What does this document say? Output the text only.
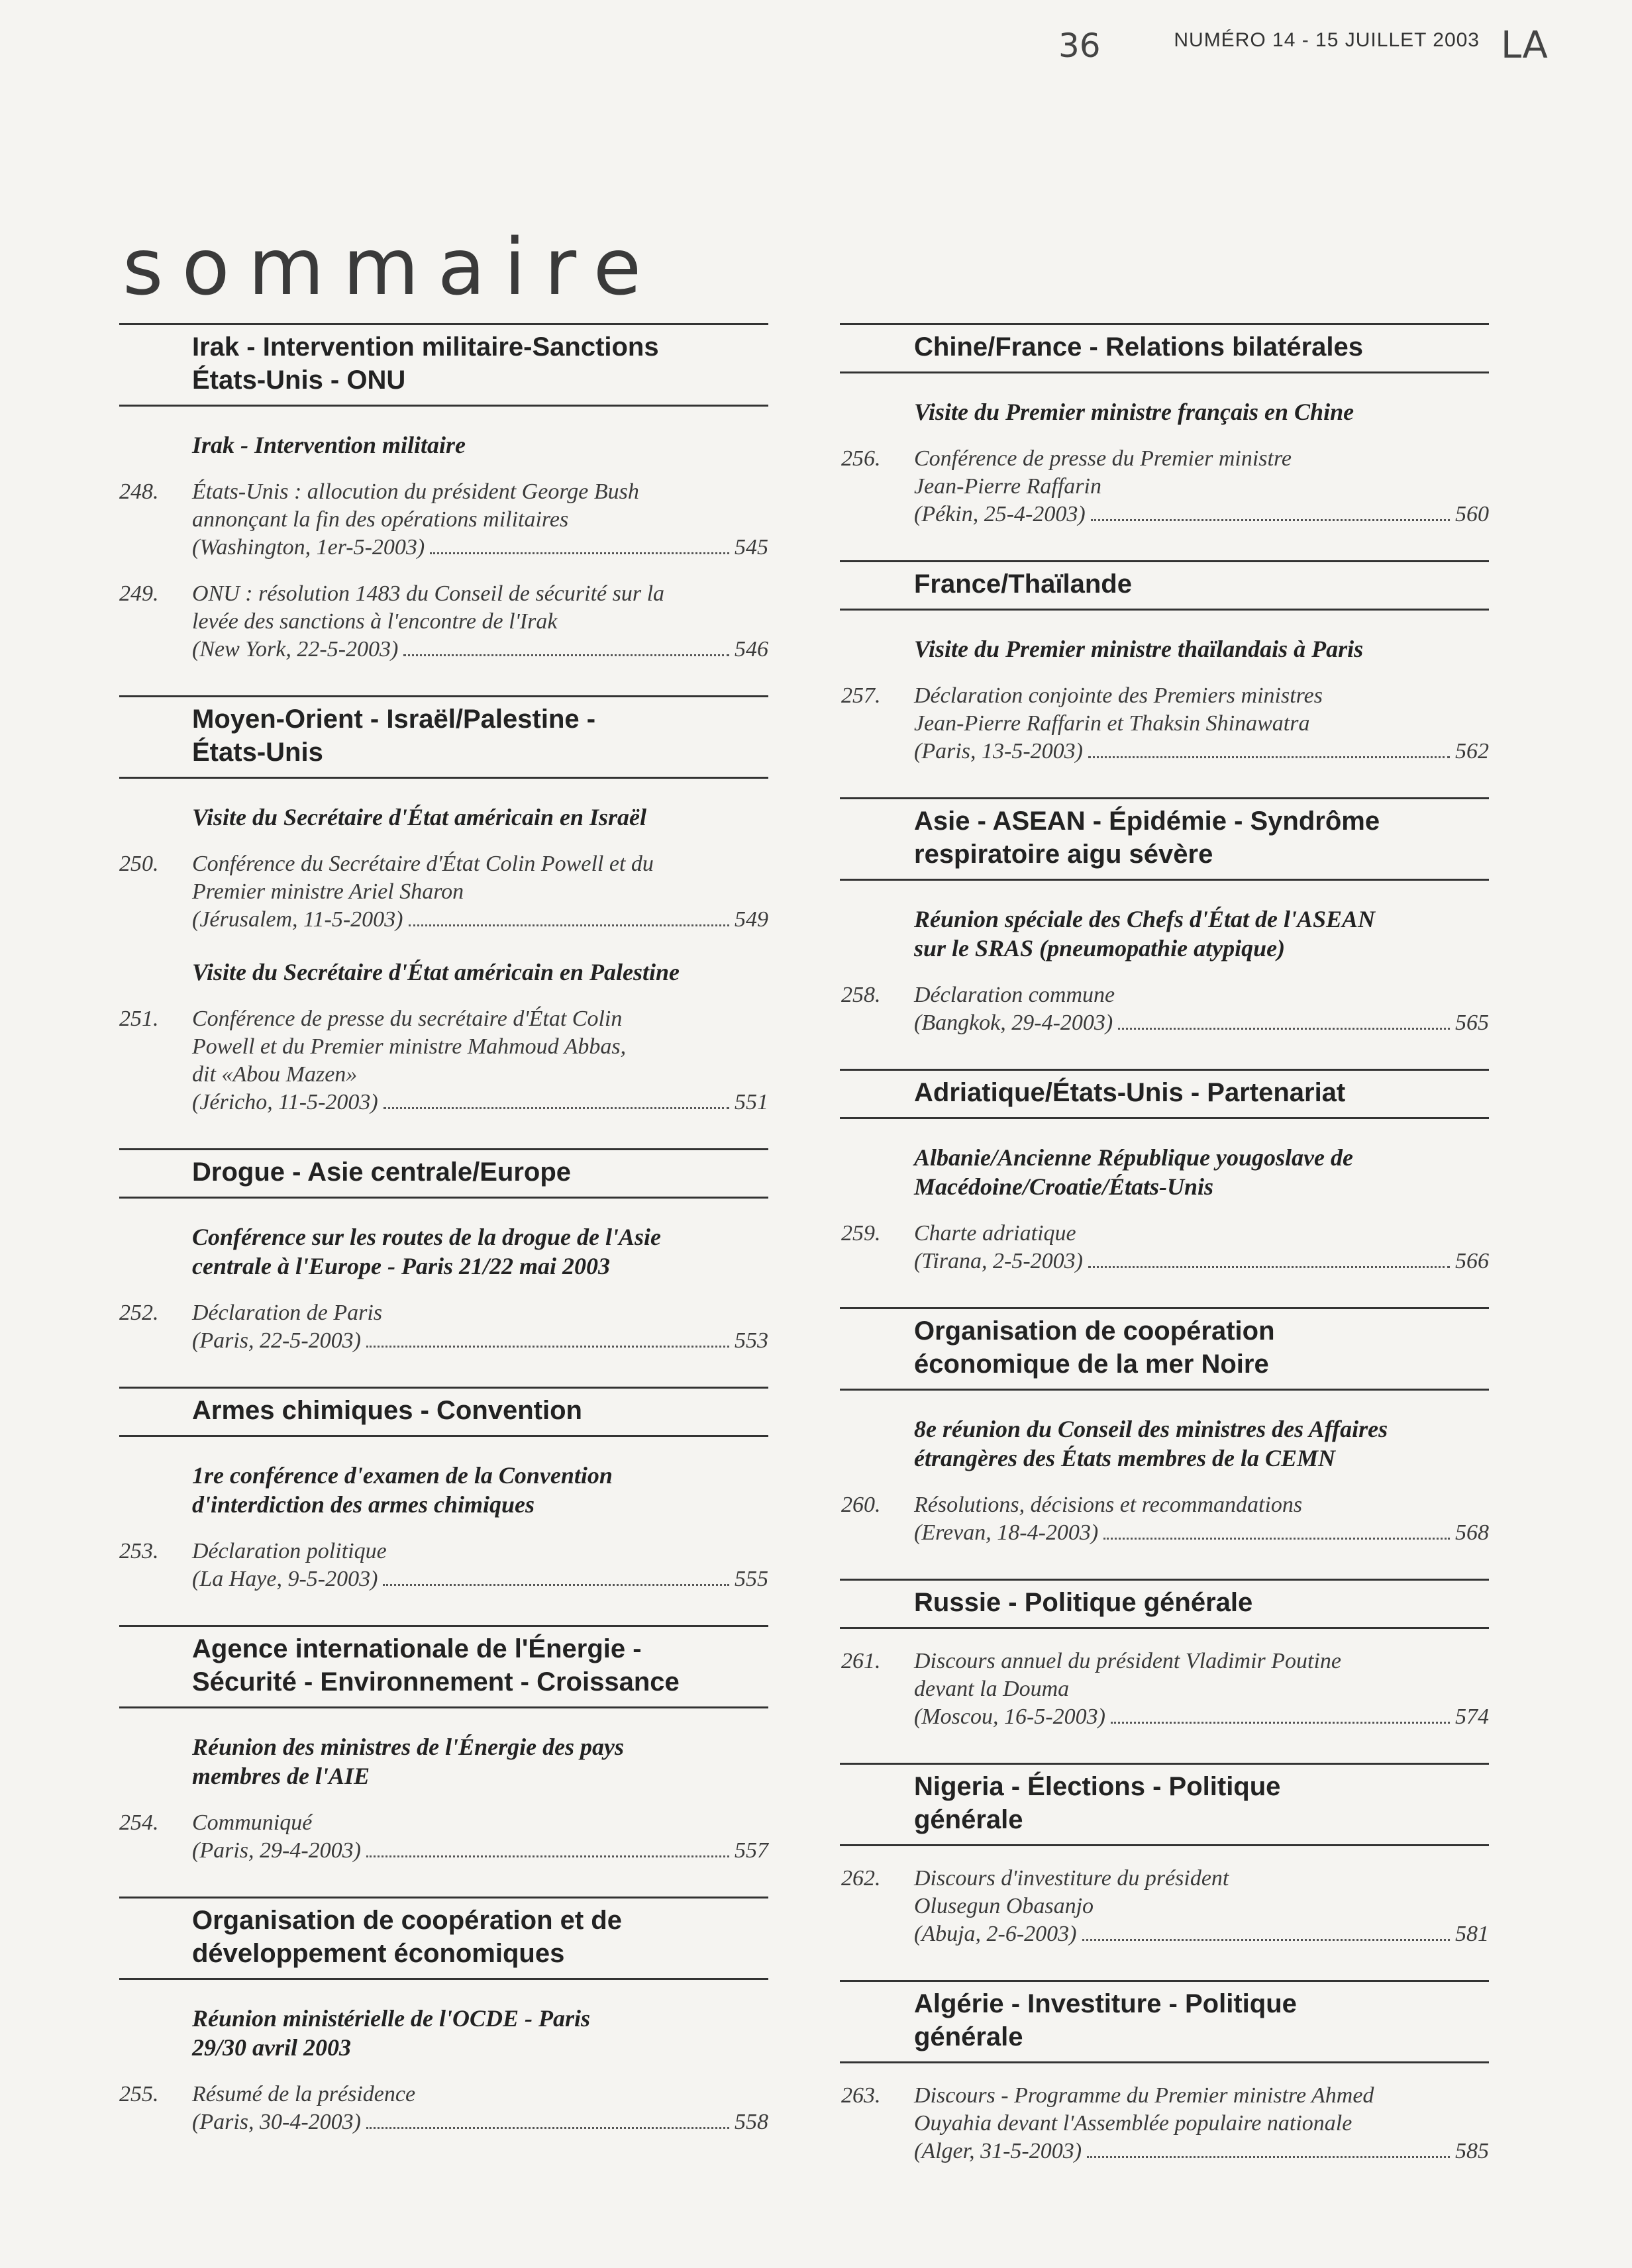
36	NUMÉRO 14 - 15 JUILLET 2003 LA
sommaire
Irak - Intervention militaire-Sanctions
États-Unis - ONU
Irak - Intervention militaire
248.	États-Unis : allocution du président George Bush
annonçant la fin des opérations militaires
(Washington, 1er-5-2003)	545
249.	ONU : résolution 1483 du Conseil de sécurité sur la
levée des sanctions à l'encontre de l'Irak
(New York, 22-5-2003)	546
Moyen-Orient - Israël/Palestine -
États-Unis
Visite du Secrétaire d'État américain en Israël
250.	Conférence du Secrétaire d'État Colin Powell et du
Premier ministre Ariel Sharon
(Jérusalem, 11-5-2003)	549
Visite du Secrétaire d'État américain en Palestine
251.	Conférence de presse du secrétaire d'État Colin
Powell et du Premier ministre Mahmoud Abbas,
dit «Abou Mazen»
(Jéricho, 11-5-2003)	551
Drogue - Asie centrale/Europe
Conférence sur les routes de la drogue de l'Asie
centrale à l'Europe - Paris 21/22 mai 2003
252.	Déclaration de Paris
(Paris, 22-5-2003)	553
Armes chimiques - Convention
1re conférence d'examen de la Convention
d'interdiction des armes chimiques
253.	Déclaration politique
(La Haye, 9-5-2003)	555
Agence internationale de l'Énergie -
Sécurité - Environnement - Croissance
Réunion des ministres de l'Énergie des pays
membres de l'AIE
254.	Communiqué
(Paris, 29-4-2003)	557
Organisation de coopération et de
développement économiques
Réunion ministérielle de l'OCDE - Paris
29/30 avril 2003
255.	Résumé de la présidence
(Paris, 30-4-2003)	558
Chine/France - Relations bilatérales
Visite du Premier ministre français en Chine
256.	Conférence de presse du Premier ministre
Jean-Pierre Raffarin
(Pékin, 25-4-2003)	560
France/Thaïlande
Visite du Premier ministre thaïlandais à Paris
257.	Déclaration conjointe des Premiers ministres
Jean-Pierre Raffarin et Thaksin Shinawatra
(Paris, 13-5-2003)	562
Asie - ASEAN - Épidémie - Syndrôme
respiratoire aigu sévère
Réunion spéciale des Chefs d'État de l'ASEAN
sur le SRAS (pneumopathie atypique)
258.	Déclaration commune
(Bangkok, 29-4-2003)	565
Adriatique/États-Unis - Partenariat
Albanie/Ancienne République yougoslave de
Macédoine/Croatie/États-Unis
259.	Charte adriatique
(Tirana, 2-5-2003)	566
Organisation de coopération
économique de la mer Noire
8e réunion du Conseil des ministres des Affaires
étrangères des États membres de la CEMN
260.	Résolutions, décisions et recommandations
(Erevan, 18-4-2003)	568
Russie - Politique générale
261.	Discours annuel du président Vladimir Poutine
devant la Douma
(Moscou, 16-5-2003)	574
Nigeria - Élections - Politique
générale
262.	Discours d'investiture du président
Olusegun Obasanjo
(Abuja, 2-6-2003)	581
Algérie - Investiture - Politique
générale
263.	Discours - Programme du Premier ministre Ahmed
Ouyahia devant l'Assemblée populaire nationale
(Alger, 31-5-2003)	585
